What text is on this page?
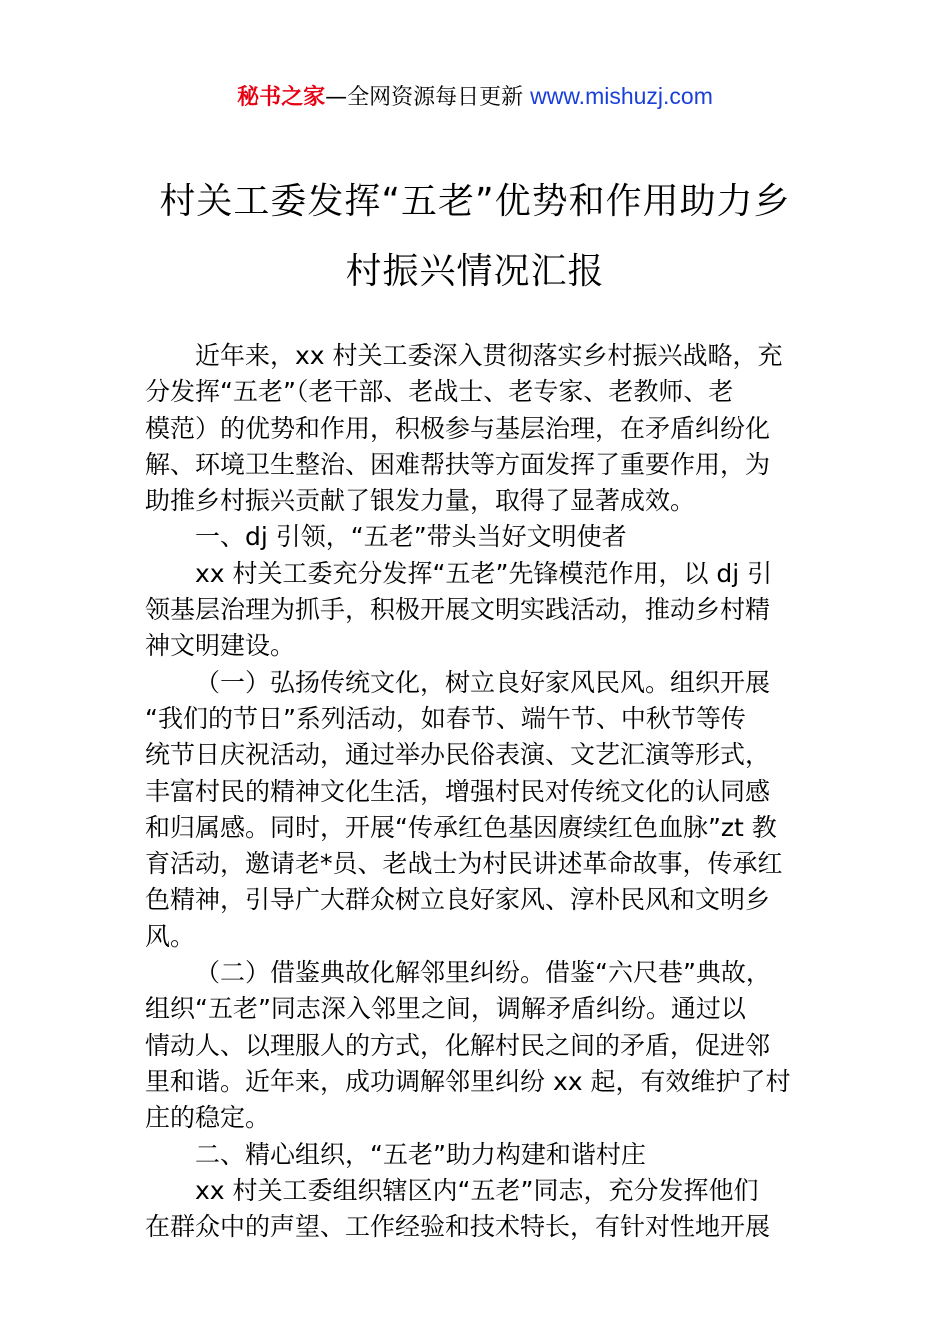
秘书之家—全网资源每日更新 www.mishuzj.com
村关工委发挥“五老”优势和作用助力乡
村振兴情况汇报
近年来，xx 村关工委深入贯彻落实乡村振兴战略，充
分发挥“五老”（老干部、老战士、老专家、老教师、老
模范）的优势和作用，积极参与基层治理，在矛盾纠纷化
解、环境卫生整治、困难帮扶等方面发挥了重要作用，为
助推乡村振兴贡献了银发力量，取得了显著成效。
一、dj 引领，“五老”带头当好文明使者
xx 村关工委充分发挥“五老”先锋模范作用，以 dj 引
领基层治理为抓手，积极开展文明实践活动，推动乡村精
神文明建设。
（一）弘扬传统文化，树立良好家风民风。组织开展
“我们的节日”系列活动，如春节、端午节、中秋节等传
统节日庆祝活动，通过举办民俗表演、文艺汇演等形式，
丰富村民的精神文化生活，增强村民对传统文化的认同感
和归属感。同时，开展“传承红色基因赓续红色血脉”zt 教
育活动，邀请老*员、老战士为村民讲述革命故事，传承红
色精神，引导广大群众树立良好家风、淳朴民风和文明乡
风。
（二）借鉴典故化解邻里纠纷。借鉴“六尺巷”典故，
组织“五老”同志深入邻里之间，调解矛盾纠纷。通过以
情动人、以理服人的方式，化解村民之间的矛盾，促进邻
里和谐。近年来，成功调解邻里纠纷 xx 起，有效维护了村
庄的稳定。
二、精心组织，“五老”助力构建和谐村庄
xx 村关工委组织辖区内“五老”同志，充分发挥他们
在群众中的声望、工作经验和技术特长，有针对性地开展
